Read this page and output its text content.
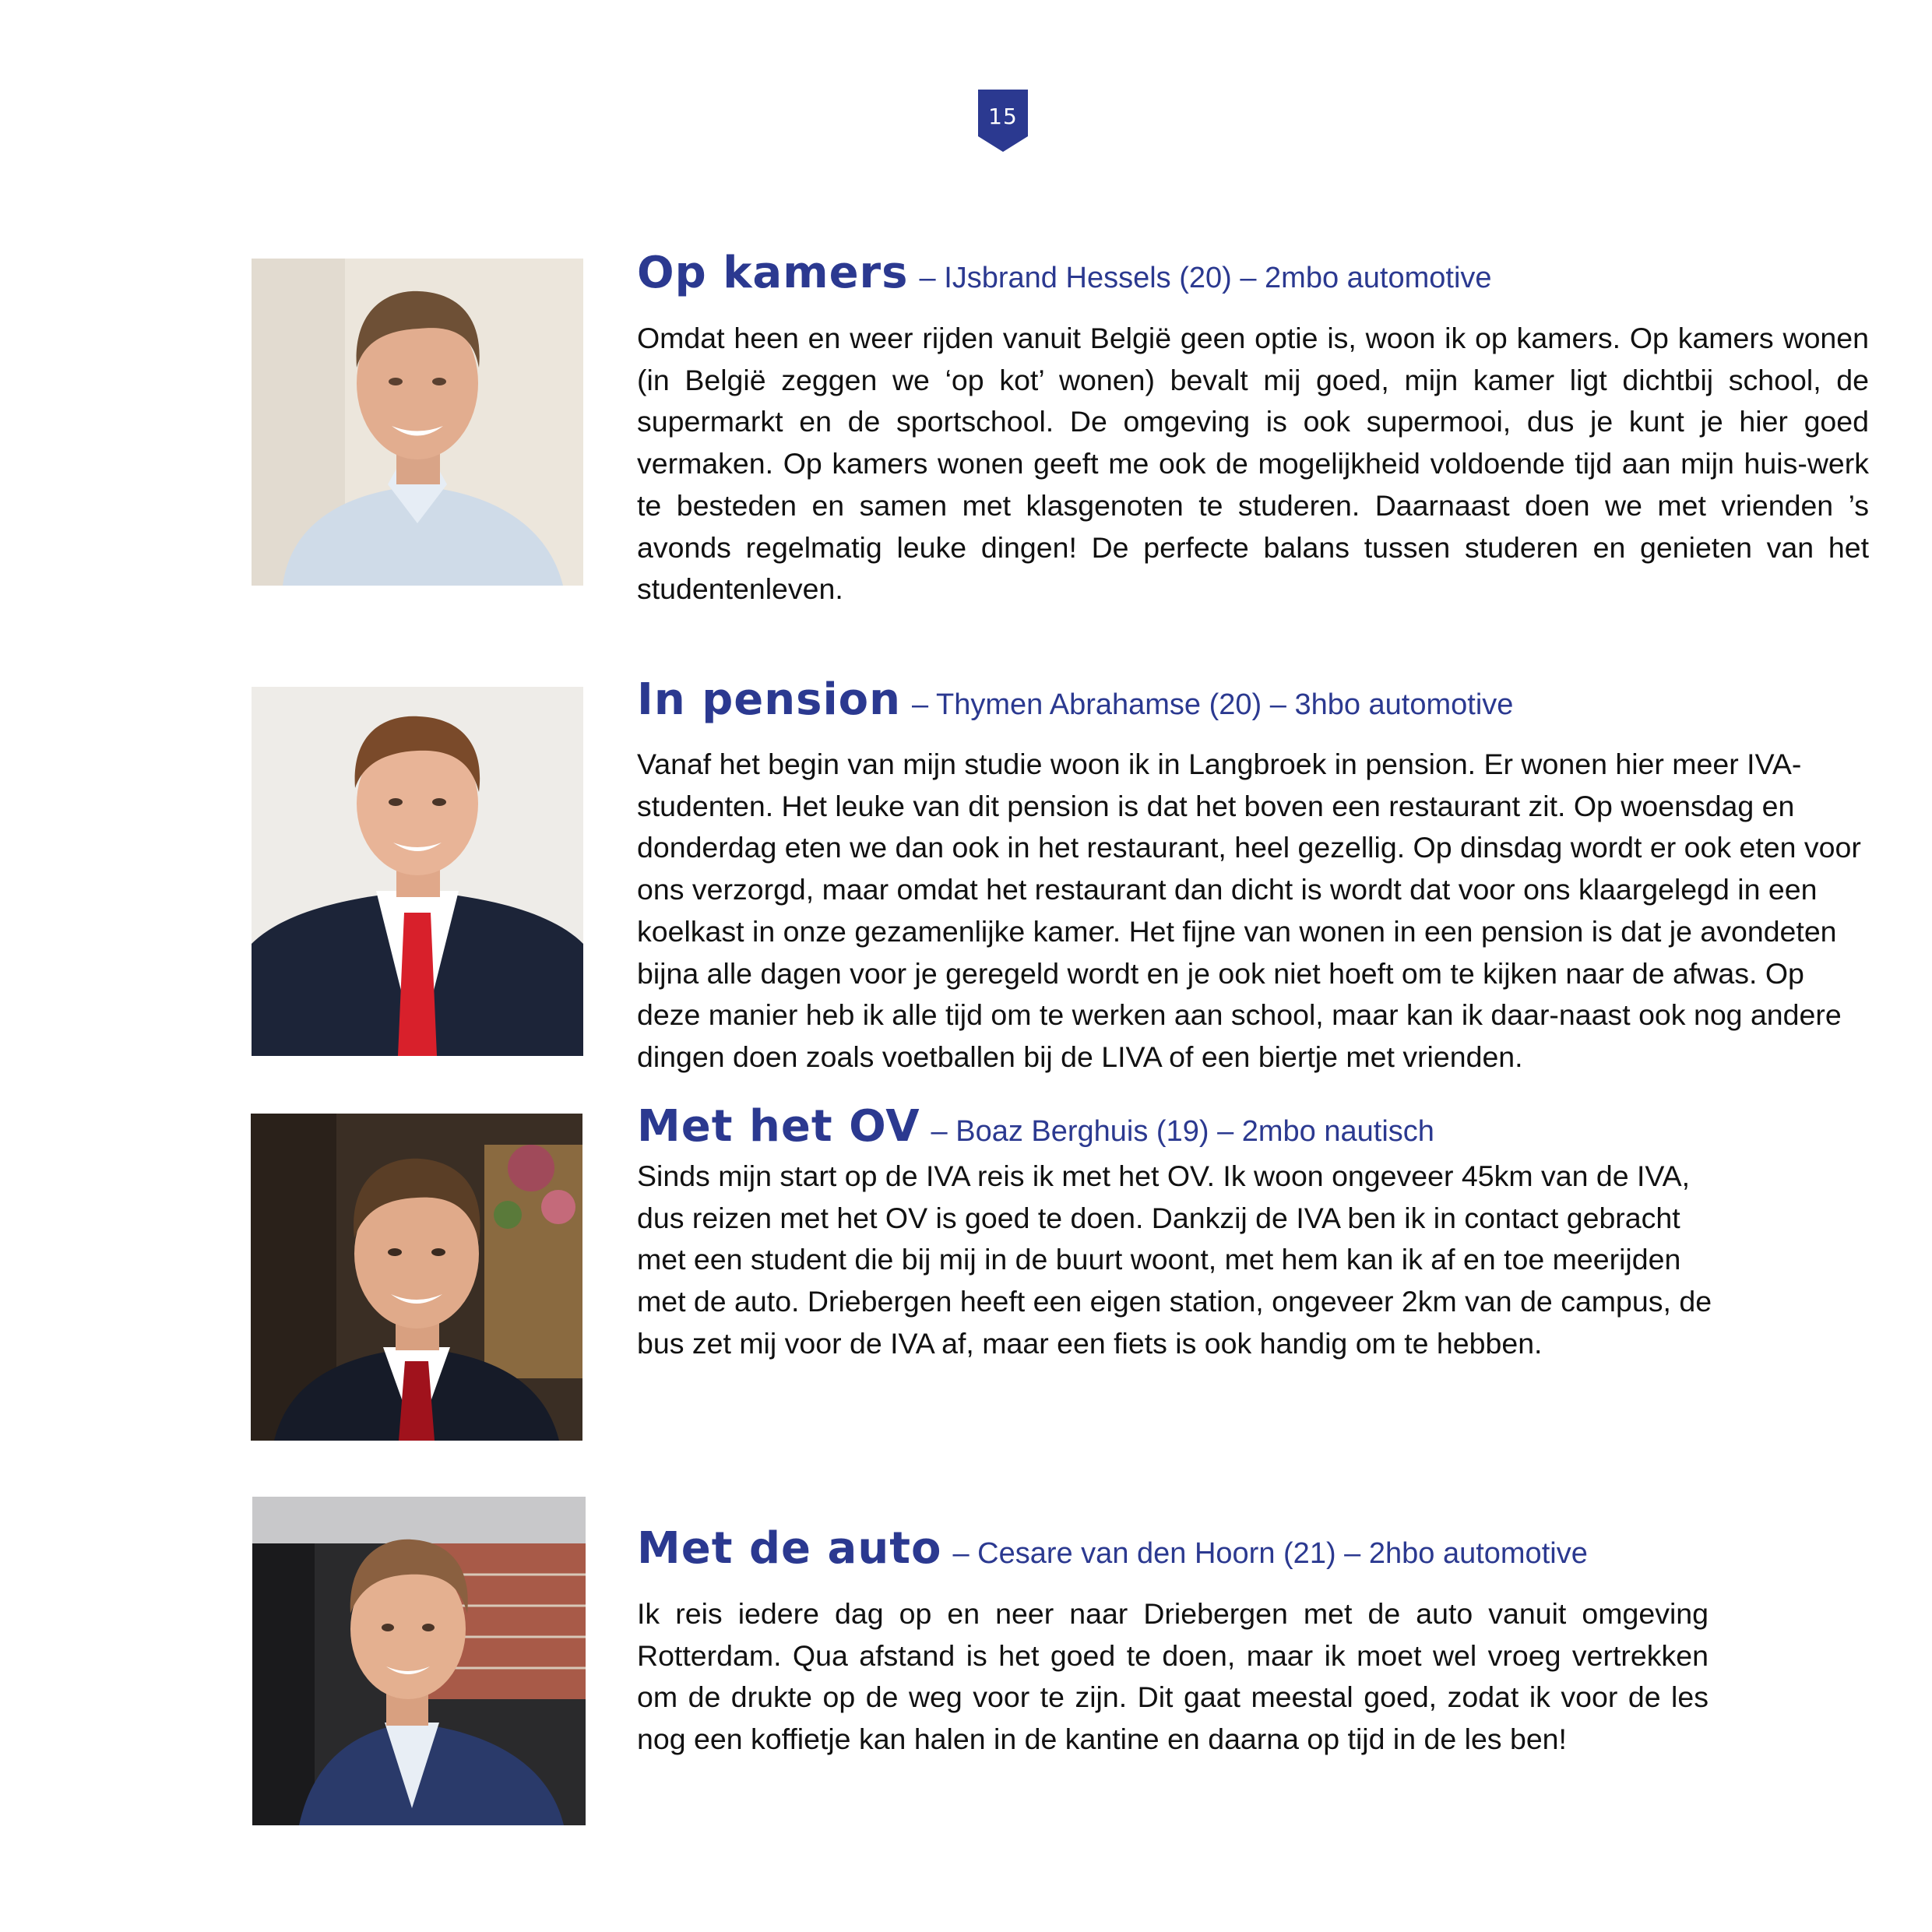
15
Op kamers – IJsbrand Hessels (20) – 2mbo automotive

Omdat heen en weer rijden vanuit België geen optie is, woon ik op kamers. Op kamers wonen (in België zeggen we ‘op kot’ wonen) bevalt mij goed, mijn kamer ligt dichtbij school, de supermarkt en de sportschool. De omgeving is ook supermooi, dus je kunt je hier goed vermaken. Op kamers wonen geeft me ook de mogelijkheid voldoende tijd aan mijn huis-werk te besteden en samen met klasgenoten te studeren. Daarnaast doen we met vrienden ’s avonds regelmatig leuke dingen! De perfecte balans tussen studeren en genieten van het studentenleven.

In pension – Thymen Abrahamse (20) – 3hbo automotive

Vanaf het begin van mijn studie woon ik in Langbroek in pension. Er wonen hier meer IVA-studenten. Het leuke van dit pension is dat het boven een restaurant zit. Op woensdag en donderdag eten we dan ook in het restaurant, heel gezellig. Op dinsdag wordt er ook eten voor ons verzorgd, maar omdat het restaurant dan dicht is wordt dat voor ons klaargelegd in een koelkast in onze gezamenlijke kamer. Het fijne van wonen in een pension is dat je avondeten bijna alle dagen voor je geregeld wordt en je ook niet hoeft om te kijken naar de afwas. Op deze manier heb ik alle tijd om te werken aan school, maar kan ik daar-naast ook nog andere dingen doen zoals voetballen bij de LIVA of een biertje met vrienden.

Met het OV – Boaz Berghuis (19) – 2mbo nautisch

Sinds mijn start op de IVA reis ik met het OV. Ik woon ongeveer 45km van de IVA, dus reizen met het OV is goed te doen. Dankzij de IVA ben ik in contact gebracht met een student die bij mij in de buurt woont, met hem kan ik af en toe meerijden met de auto. Driebergen heeft een eigen station, ongeveer 2km van de campus, de bus zet mij voor de IVA af, maar een fiets is ook handig om te hebben.

Met de auto – Cesare van den Hoorn (21) – 2hbo automotive

Ik reis iedere dag op en neer naar Driebergen met de auto vanuit omgeving Rotterdam. Qua afstand is het goed te doen, maar ik moet wel vroeg vertrekken om de drukte op de weg voor te zijn. Dit gaat meestal goed, zodat ik voor de les nog een koffietje kan halen in de kantine en daarna op tijd in de les ben!
